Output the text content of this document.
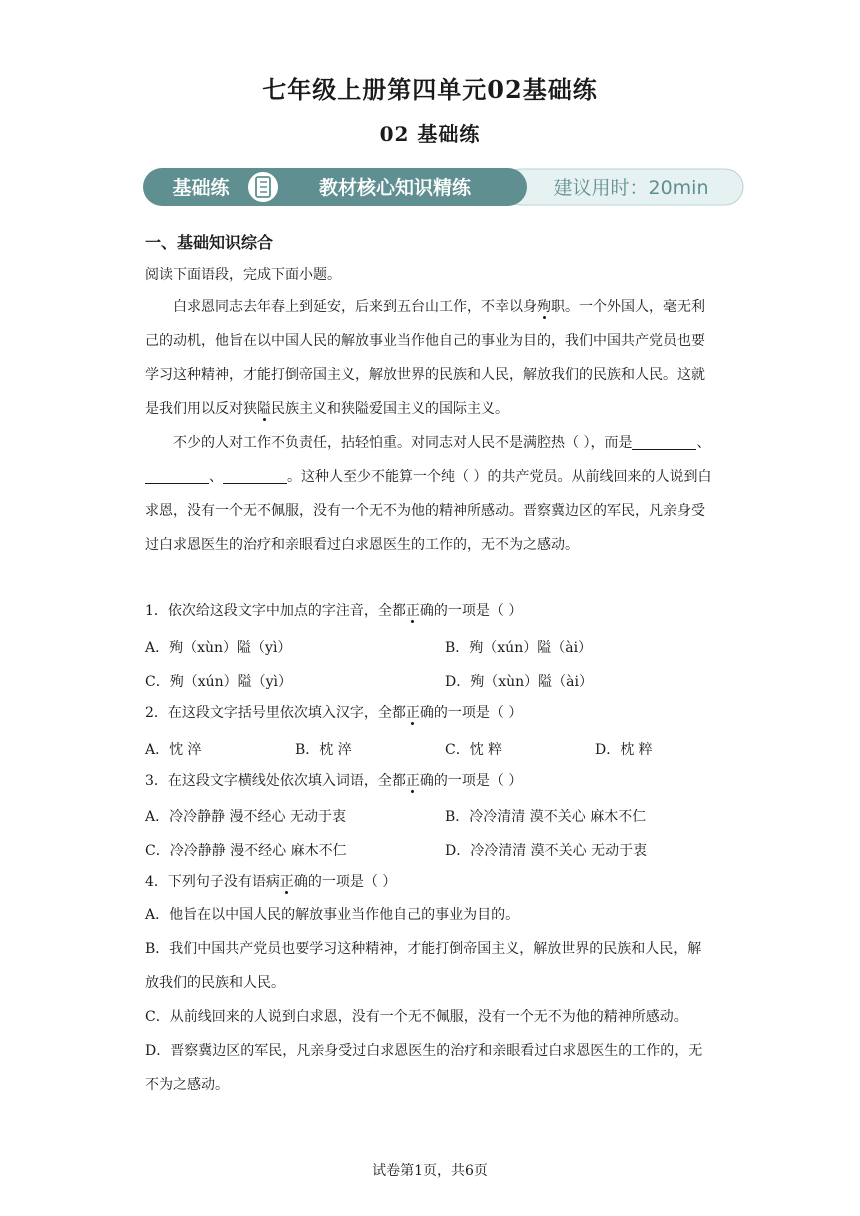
七年级上册第四单元02基础练
02 基础练
基础练	教材核心知识精练	建议用时：20min
一、基础知识综合
阅读下面语段，完成下面小题。
白求恩同志去年春上到延安，后来到五台山工作，不幸以身殉职。一个外国人，毫无利己的动机，他旨在以中国人民的解放事业当作他自己的事业为目的，我们中国共产党员也要学习这种精神，才能打倒帝国主义，解放世界的民族和人民，解放我们的民族和人民。这就是我们用以反对狭隘民族主义和狭隘爱国主义的国际主义。
不少的人对工作不负责任，拈轻怕重。对同志对人民不是满腔热（ ），而是	、、	。这种人至少不能算一个纯（ ）的共产党员。从前线回来的人说到白求恩，没有一个无不佩服，没有一个无不为他的精神所感动。晋察冀边区的军民，凡亲身受过白求恩医生的治疗和亲眼看过白求恩医生的工作的，无不为之感动。
1．依次给这段文字中加点的字注音，全都正确的一项是（ ）
A．殉（xùn）隘（yì）	B．殉（xún）隘（ài）
C．殉（xún）隘（yì）	D．殉（xùn）隘（ài）
2．在这段文字括号里依次填入汉字，全都正确的一项是（ ）
A．忱 淬	B．枕 淬	C．忱 粹	D．枕 粹
3．在这段文字横线处依次填入词语，全都正确的一项是（ ）
A．冷冷静静 漫不经心 无动于衷	B．冷冷清清 漠不关心 麻木不仁
C．冷冷静静 漫不经心 麻木不仁	D．冷冷清清 漠不关心 无动于衷
4．下列句子没有语病正确的一项是（ ）
A．他旨在以中国人民的解放事业当作他自己的事业为目的。
B．我们中国共产党员也要学习这种精神，才能打倒帝国主义，解放世界的民族和人民，解放我们的民族和人民。
C．从前线回来的人说到白求恩，没有一个无不佩服，没有一个无不为他的精神所感动。
D．晋察冀边区的军民，凡亲身受过白求恩医生的治疗和亲眼看过白求恩医生的工作的，无不为之感动。
试卷第1页，共6页
